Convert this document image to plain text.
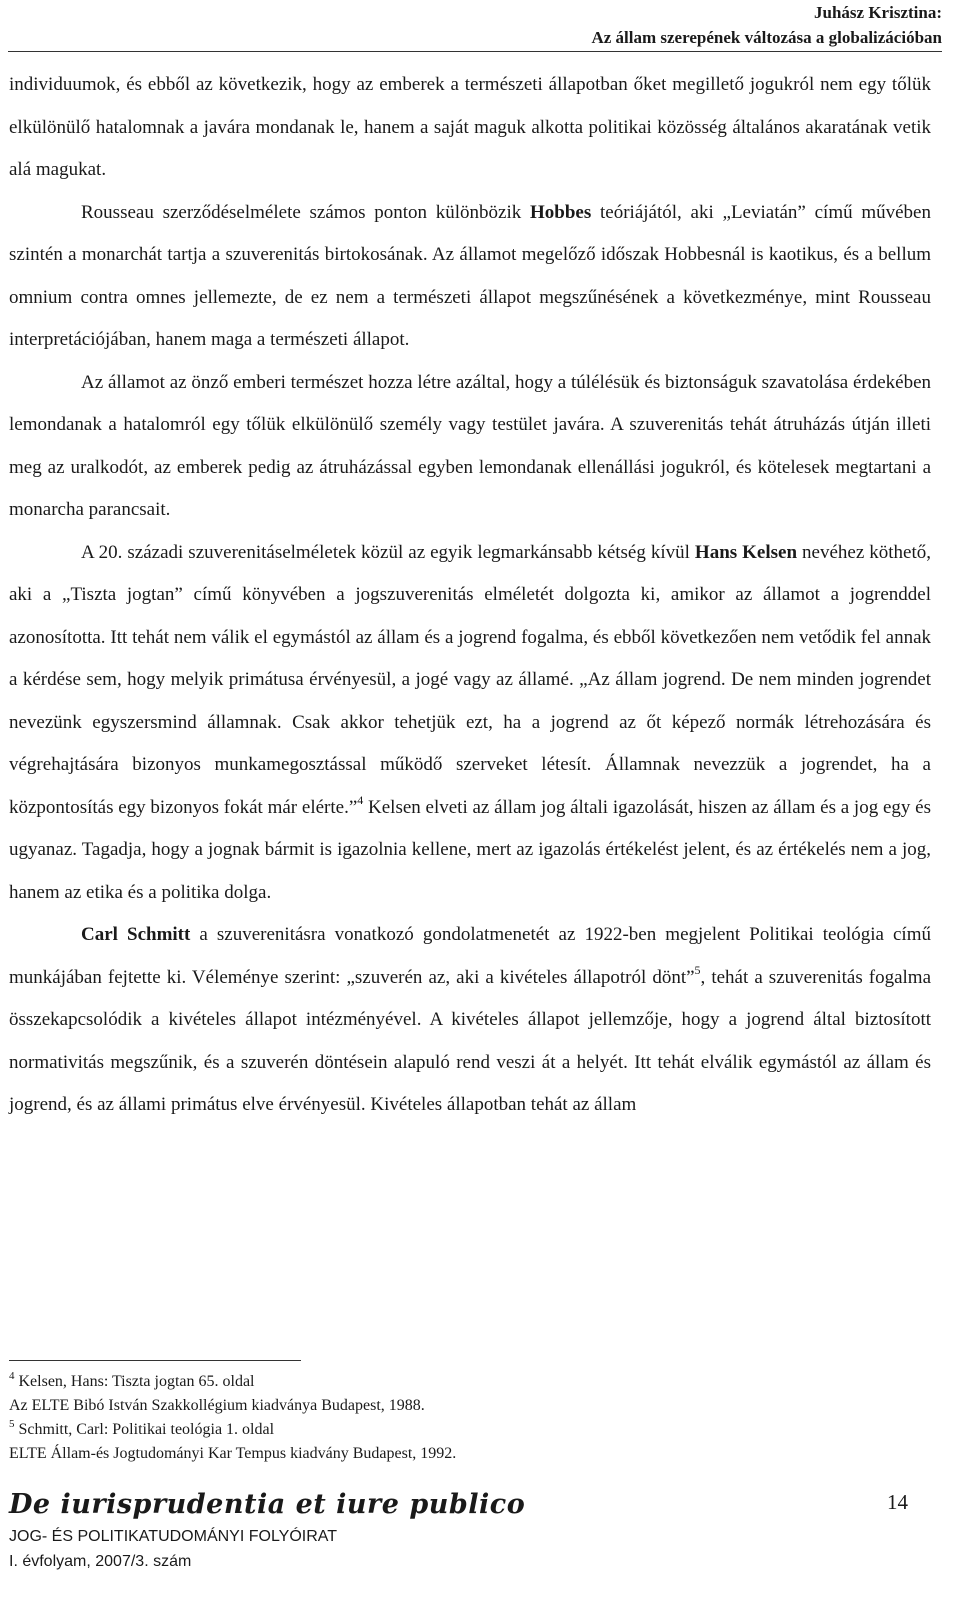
Juhász Krisztina:
Az állam szerepének változása a globalizációban

individuumok, és ebből az következik, hogy az emberek a természeti állapotban őket megillető jogukról nem egy tőlük elkülönülő hatalomnak a javára mondanak le, hanem a saját maguk alkotta politikai közösség általános akaratának vetik alá magukat.

Rousseau szerződéselmélete számos ponton különbözik Hobbes teóriájától, aki „Leviatán” című művében szintén a monarchát tartja a szuverenitás birtokosának. Az államot megelőző időszak Hobbesnál is kaotikus, és a bellum omnium contra omnes jellemezte, de ez nem a természeti állapot megszűnésének a következménye, mint Rousseau interpretációjában, hanem maga a természeti állapot.

Az államot az önző emberi természet hozza létre azáltal, hogy a túlélésük és biztonságuk szavatolása érdekében lemondanak a hatalomról egy tőlük elkülönülő személy vagy testület javára. A szuverenitás tehát átruházás útján illeti meg az uralkodót, az emberek pedig az átruházással egyben lemondanak ellenállási jogukról, és kötelesek megtartani a monarcha parancsait.

A 20. századi szuverenitáselméletek közül az egyik legmarkánsabb kétség kívül Hans Kelsen nevéhez köthető, aki a „Tiszta jogtan” című könyvében a jogszuverenitás elméletét dolgozta ki, amikor az államot a jogrenddel azonosította. Itt tehát nem válik el egymástól az állam és a jogrend fogalma, és ebből következően nem vetődik fel annak a kérdése sem, hogy melyik primátusa érvényesül, a jogé vagy az államé. „Az állam jogrend. De nem minden jogrendet nevezünk egyszersmind államnak. Csak akkor tehetjük ezt, ha a jogrend az őt képező normák létrehozására és végrehajtására bizonyos munkamegosztással működő szerveket létesít. Államnak nevezzük a jogrendet, ha a központosítás egy bizonyos fokát már elérte.”$^4$ Kelsen elveti az állam jog általi igazolását, hiszen az állam és a jog egy és ugyanaz. Tagadja, hogy a jognak bármit is igazolnia kellene, mert az igazolás értékelést jelent, és az értékelés nem a jog, hanem az etika és a politika dolga.

Carl Schmitt a szuverenitásra vonatkozó gondolatmenetét az 1922-ben megjelent Politikai teológia című munkájában fejtette ki. Véleménye szerint: „szuverén az, aki a kivételes állapotról dönt”$^5$, tehát a szuverenitás fogalma összekapcsolódik a kivételes állapot intézményével. A kivételes állapot jellemzője, hogy a jogrend által biztosított normativitás megszűnik, és a szuverén döntésein alapuló rend veszi át a helyét. Itt tehát elválik egymástól az állam és jogrend, és az állami primátus elve érvényesül. Kivételes állapotban tehát az állam

$^4$ Kelsen, Hans: Tiszta jogtan 65. oldal
Az ELTE Bibó István Szakkollégium kiadványa Budapest, 1988.
$^5$ Schmitt, Carl: Politikai teológia 1. oldal
ELTE Állam-és Jogtudományi Kar Tempus kiadvány Budapest, 1992.
De iurisprudentia et iure publico	14
JOG- ÉS POLITIKATUDOMÁNYI FOLYÓIRAT
I. évfolyam, 2007/3. szám
